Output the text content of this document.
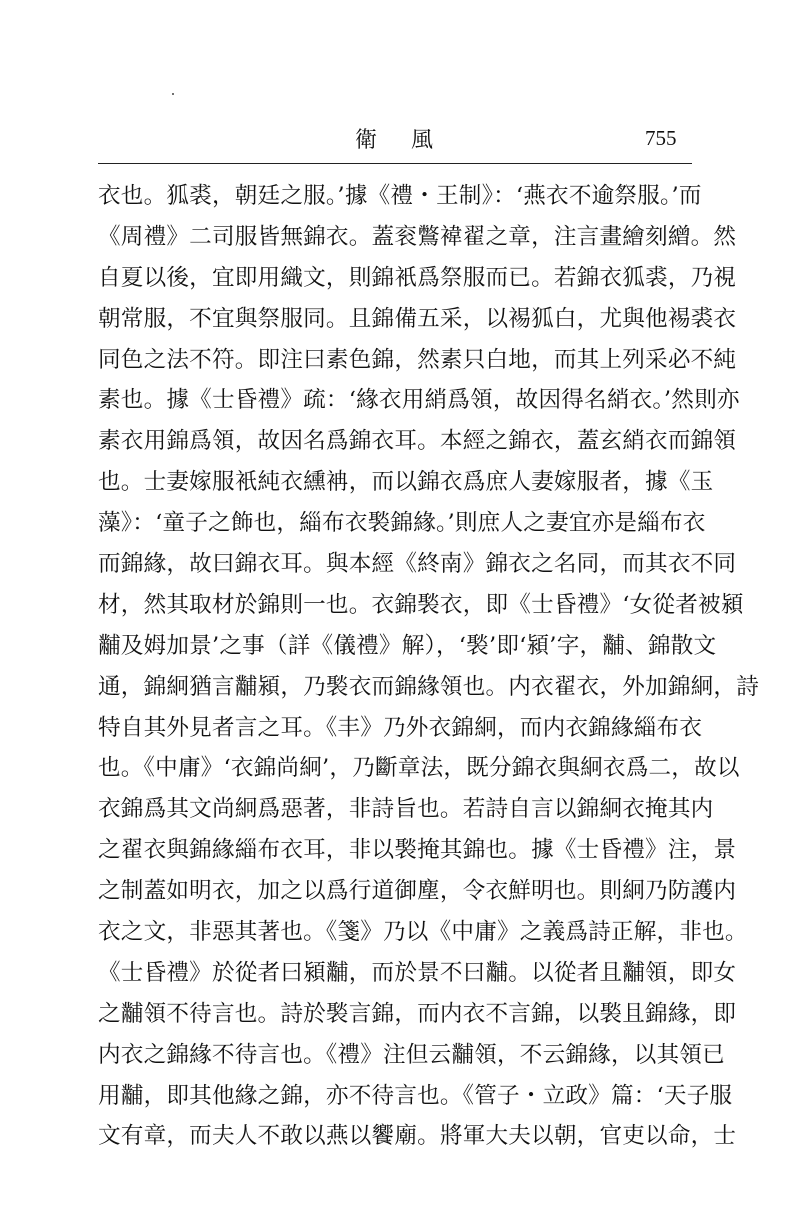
衛風	755
衣也。狐裘，朝廷之服。’據《禮・王制》：‘燕衣不逾祭服。’而
《周禮》二司服皆無錦衣。蓋衮鷩褘翟之章，注言畫繪刻繒。然
自夏以後，宜即用織文，則錦衹爲祭服而已。若錦衣狐裘，乃視
朝常服，不宜與祭服同。且錦備五采，以裼狐白，尤與他裼裘衣
同色之法不符。即注曰素色錦，然素只白地，而其上列采必不純
素也。據《士昏禮》疏：‘緣衣用綃爲領，故因得名綃衣。’然則亦
素衣用錦爲領，故因名爲錦衣耳。本經之錦衣，蓋玄綃衣而錦領
也。士妻嫁服衹純衣纁袡，而以錦衣爲庶人妻嫁服者，據《玉
藻》：‘童子之飾也，緇布衣褧錦緣。’則庶人之妻宜亦是緇布衣
而錦緣，故曰錦衣耳。與本經《終南》錦衣之名同，而其衣不同
材，然其取材於錦則一也。衣錦褧衣，即《士昏禮》‘女從者被潁
黼及姆加景’之事（詳《儀禮》解），‘褧’即‘潁’字，黼、錦散文
通，錦絅猶言黼潁，乃褧衣而錦緣領也。内衣翟衣，外加錦絅，詩
特自其外見者言之耳。《丰》乃外衣錦絅，而内衣錦緣緇布衣
也。《中庸》‘衣錦尚絅’，乃斷章法，既分錦衣與絅衣爲二，故以
衣錦爲其文尚絅爲惡著，非詩旨也。若詩自言以錦絅衣掩其内
之翟衣與錦緣緇布衣耳，非以褧掩其錦也。據《士昏禮》注，景
之制蓋如明衣，加之以爲行道御塵，令衣鮮明也。則絅乃防護内
衣之文，非惡其著也。《箋》乃以《中庸》之義爲詩正解，非也。
《士昏禮》於從者曰潁黼，而於景不曰黼。以從者且黼領，即女
之黼領不待言也。詩於褧言錦，而内衣不言錦，以褧且錦緣，即
内衣之錦緣不待言也。《禮》注但云黼領，不云錦緣，以其領已
用黼，即其他緣之錦，亦不待言也。《管子・立政》篇：‘天子服
文有章，而夫人不敢以燕以饗廟。將軍大夫以朝，官吏以命，士
